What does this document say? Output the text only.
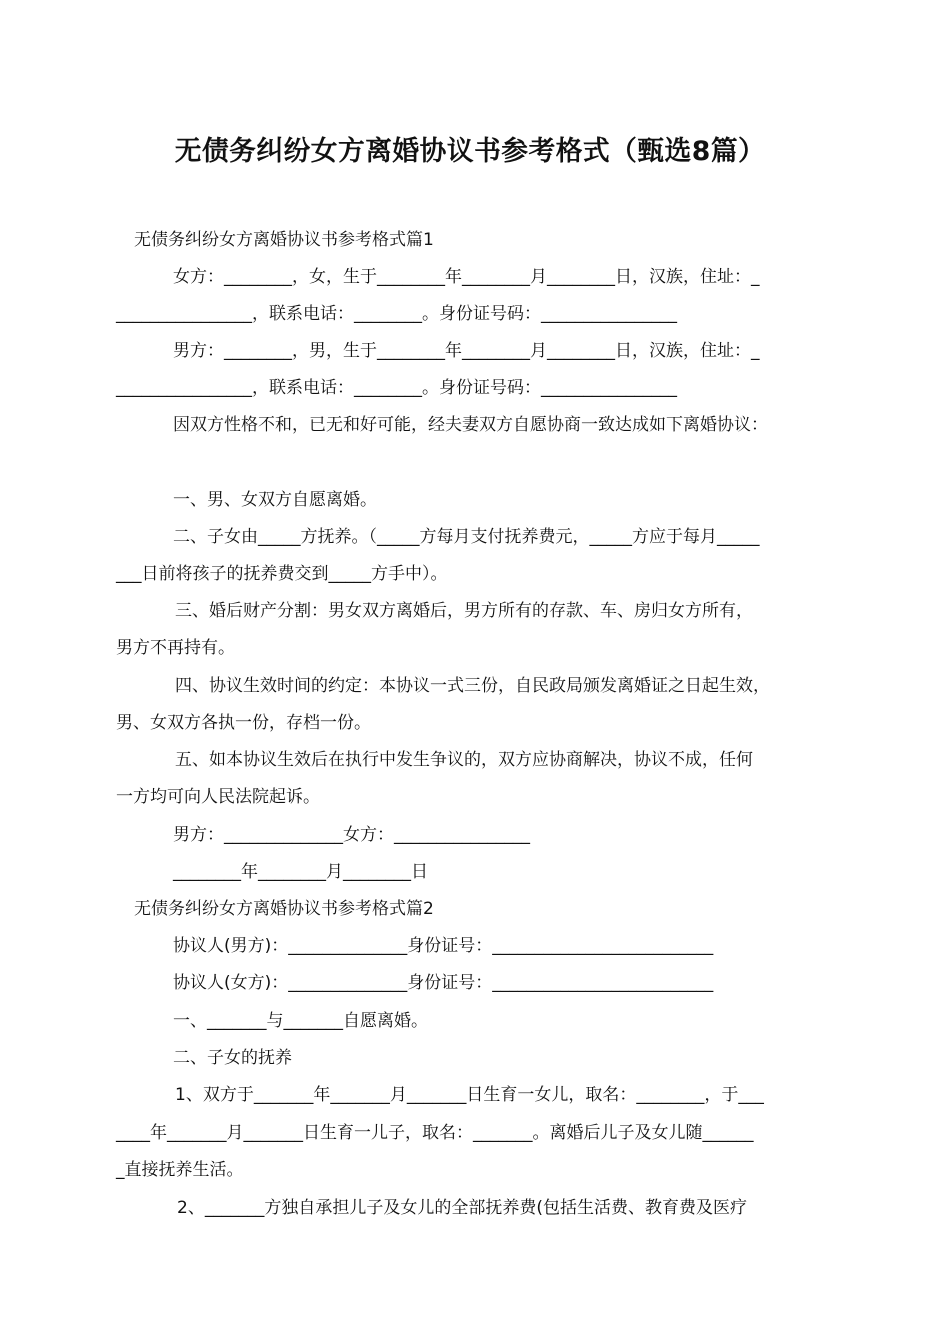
无债务纠纷女方离婚协议书参考格式（甄选8篇）
无债务纠纷女方离婚协议书参考格式篇1
女方：________，女，生于________年________月________日，汉族，住址：_
________________，联系电话：________。身份证号码：________________
男方：________，男，生于________年________月________日，汉族，住址：_
________________，联系电话：________。身份证号码：________________
因双方性格不和，已无和好可能，经夫妻双方自愿协商一致达成如下离婚协议：
一、男、女双方自愿离婚。
二、子女由_____方抚养。（_____方每月支付抚养费元，_____方应于每月_____
___日前将孩子的抚养费交到_____方手中）。
三、婚后财产分割：男女双方离婚后，男方所有的存款、车、房归女方所有，
男方不再持有。
四、协议生效时间的约定：本协议一式三份，自民政局颁发离婚证之日起生效，
男、女双方各执一份，存档一份。
五、如本协议生效后在执行中发生争议的，双方应协商解决，协议不成，任何
一方均可向人民法院起诉。
男方：______________女方：________________
________年________月________日
无债务纠纷女方离婚协议书参考格式篇2
协议人(男方)：______________身份证号：__________________________
协议人(女方)：______________身份证号：__________________________
一、_______与_______自愿离婚。
二、子女的抚养
1、双方于_______年_______月_______日生育一女儿，取名：________，于___
____年_______月_______日生育一儿子，取名：_______。离婚后儿子及女儿随______
_直接抚养生活。
2、_______方独自承担儿子及女儿的全部抚养费(包括生活费、教育费及医疗
